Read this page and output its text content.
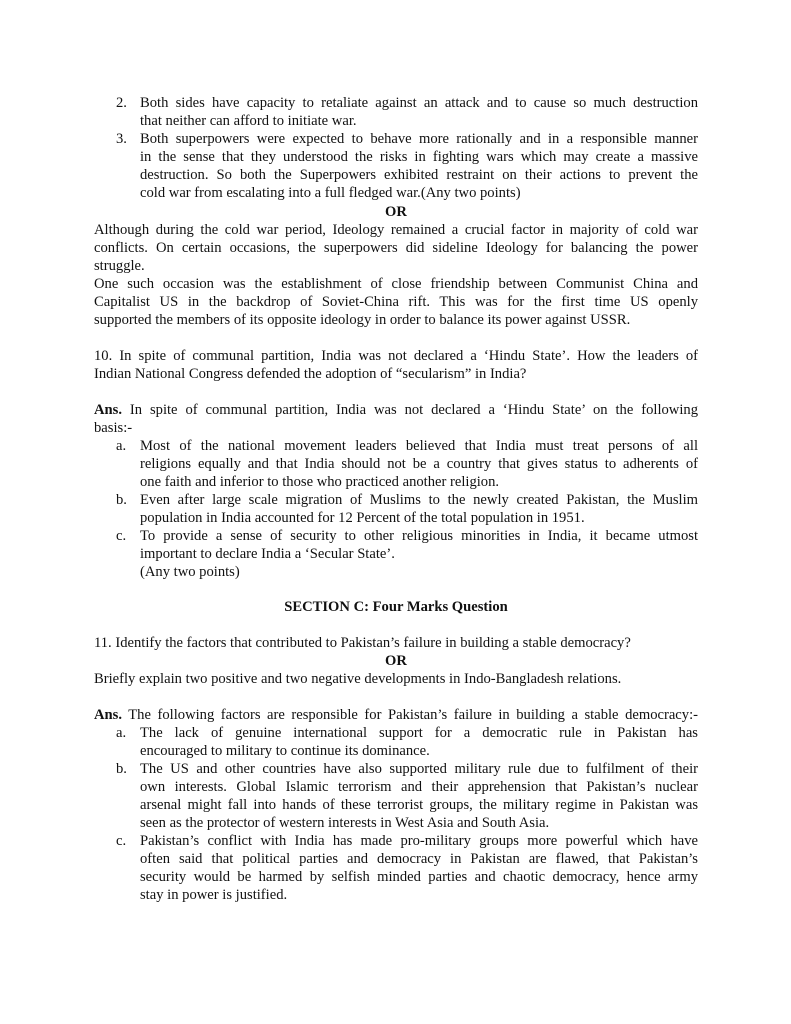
2. Both sides have capacity to retaliate against an attack and to cause so much destruction
that neither can afford to initiate war.
3. Both superpowers were expected to behave more rationally and in a responsible manner
in the sense that they understood the risks in fighting wars which may create a massive
destruction. So both the Superpowers exhibited restraint on their actions to prevent the
cold war from escalating into a full fledged war.(Any two points)
OR
Although during the cold war period, Ideology remained a crucial factor in majority of cold war
conflicts. On certain occasions, the superpowers did sideline Ideology for balancing the power
struggle.
One such occasion was the establishment of close friendship between Communist China and
Capitalist US in the backdrop of Soviet-China rift. This was for the first time US openly
supported the members of its opposite ideology in order to balance its power against USSR.
10. In spite of communal partition, India was not declared a ‘Hindu State’. How the leaders of
Indian National Congress defended the adoption of “secularism” in India?
Ans. In spite of communal partition, India was not declared a ‘Hindu State’ on the following
basis:-
a. Most of the national movement leaders believed that India must treat persons of all
religions equally and that India should not be a country that gives status to adherents of
one faith and inferior to those who practiced another religion.
b. Even after large scale migration of Muslims to the newly created Pakistan, the Muslim
population in India accounted for 12 Percent of the total population in 1951.
c. To provide a sense of security to other religious minorities in India, it became utmost
important to declare India a ‘Secular State’.
(Any two points)
SECTION C: Four Marks Question
11. Identify the factors that contributed to Pakistan’s failure in building a stable democracy?
OR
Briefly explain two positive and two negative developments in Indo-Bangladesh relations.
Ans. The following factors are responsible for Pakistan’s failure in building a stable democracy:-
a. The lack of genuine international support for a democratic rule in Pakistan has
encouraged to military to continue its dominance.
b. The US and other countries have also supported military rule due to fulfilment of their
own interests. Global Islamic terrorism and their apprehension that Pakistan’s nuclear
arsenal might fall into hands of these terrorist groups, the military regime in Pakistan was
seen as the protector of western interests in West Asia and South Asia.
c. Pakistan’s conflict with India has made pro-military groups more powerful which have
often said that political parties and democracy in Pakistan are flawed, that Pakistan’s
security would be harmed by selfish minded parties and chaotic democracy, hence army
stay in power is justified.
